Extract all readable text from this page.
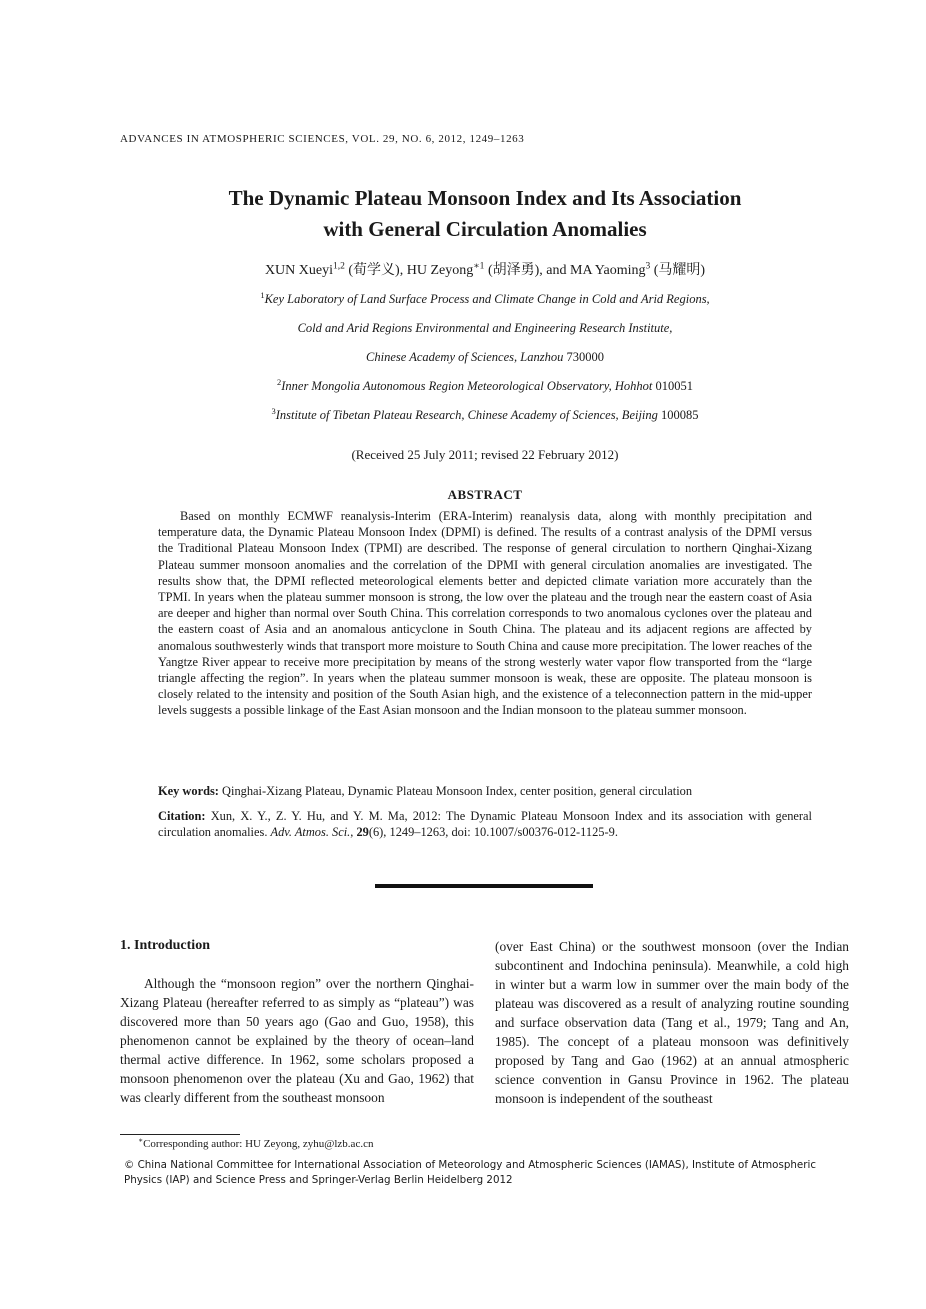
ADVANCES IN ATMOSPHERIC SCIENCES, VOL. 29, NO. 6, 2012, 1249–1263
The Dynamic Plateau Monsoon Index and Its Association
with General Circulation Anomalies
XUN Xueyi$^{1,2}$ (荀学义), HU Zeyong$^{∗1}$ (胡泽勇), and MA Yaoming$^3$ (马耀明)
$^1$Key Laboratory of Land Surface Process and Climate Change in Cold and Arid Regions,
Cold and Arid Regions Environmental and Engineering Research Institute,
Chinese Academy of Sciences, Lanzhou 730000
$^2$Inner Mongolia Autonomous Region Meteorological Observatory, Hohhot 010051
$^3$Institute of Tibetan Plateau Research, Chinese Academy of Sciences, Beijing 100085
(Received 25 July 2011; revised 22 February 2012)
ABSTRACT

Based on monthly ECMWF reanalysis-Interim (ERA-Interim) reanalysis data, along with monthly precipitation and temperature data, the Dynamic Plateau Monsoon Index (DPMI) is defined. The results of a contrast analysis of the DPMI versus the Traditional Plateau Monsoon Index (TPMI) are described. The response of general circulation to northern Qinghai-Xizang Plateau summer monsoon anomalies and the correlation of the DPMI with general circulation anomalies are investigated. The results show that, the DPMI reflected meteorological elements better and depicted climate variation more accurately than the TPMI. In years when the plateau summer monsoon is strong, the low over the plateau and the trough near the eastern coast of Asia are deeper and higher than normal over South China. This correlation corresponds to two anomalous cyclones over the plateau and the eastern coast of Asia and an anomalous anticyclone in South China. The plateau and its adjacent regions are affected by anomalous southwesterly winds that transport more moisture to South China and cause more precipitation. The lower reaches of the Yangtze River appear to receive more precipitation by means of the strong westerly water vapor flow transported from the “large triangle affecting the region”. In years when the plateau summer monsoon is weak, these are opposite. The plateau monsoon is closely related to the intensity and position of the South Asian high, and the existence of a teleconnection pattern in the mid-upper levels suggests a possible linkage of the East Asian monsoon and the Indian monsoon to the plateau summer monsoon.

Key words: Qinghai-Xizang Plateau, Dynamic Plateau Monsoon Index, center position, general circulation

Citation: Xun, X. Y., Z. Y. Hu, and Y. M. Ma, 2012: The Dynamic Plateau Monsoon Index and its association with general circulation anomalies. Adv. Atmos. Sci., 29(6), 1249–1263, doi: 10.1007/s00376-012-1125-9.

1. Introduction

Although the “monsoon region” over the northern Qinghai-Xizang Plateau (hereafter referred to as simply as “plateau”) was discovered more than 50 years ago (Gao and Guo, 1958), this phenomenon cannot be explained by the theory of ocean–land thermal active difference. In 1962, some scholars proposed a monsoon phenomenon over the plateau (Xu and Gao, 1962) that was clearly different from the southeast monsoon

(over East China) or the southwest monsoon (over the Indian subcontinent and Indochina peninsula). Meanwhile, a cold high in winter but a warm low in summer over the main body of the plateau was discovered as a result of analyzing routine sounding and surface observation data (Tang et al., 1979; Tang and An, 1985). The concept of a plateau monsoon was definitively proposed by Tang and Gao (1962) at an annual atmospheric science convention in Gansu Province in 1962. The plateau monsoon is independent of the southeast

∗Corresponding author: HU Zeyong, zyhu@lzb.ac.cn
© China National Committee for International Association of Meteorology and Atmospheric Sciences (IAMAS), Institute of Atmospheric Physics (IAP) and Science Press and Springer-Verlag Berlin Heidelberg 2012
